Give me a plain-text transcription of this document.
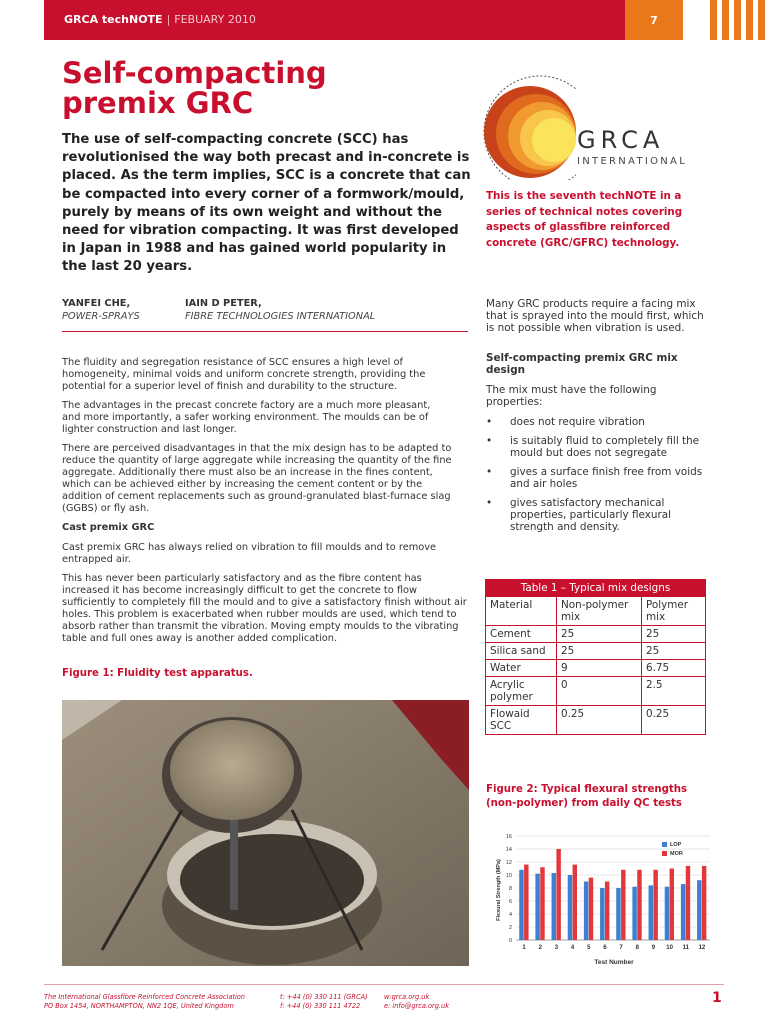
GRCA techNOTE | FEBUARY 2010	7
Self-compacting
premix GRC

The use of self-compacting concrete (SCC) has revolutionised the way both precast and in-concrete is placed. As the term implies, SCC is a concrete that can be compacted into every corner of a formwork/mould, purely by means of its own weight and without the need for vibration compacting. It was first developed in Japan in 1988 and has gained world popularity in the last 20 years.

GRCA
INTERNATIONAL

This is the seventh techNOTE in a series of technical notes covering aspects of glassfibre reinforced concrete (GRC/GFRC) technology.

YANFEI CHE,
POWER-SPRAYS
IAIN D PETER,
FIBRE TECHNOLOGIES INTERNATIONAL

The fluidity and segregation resistance of SCC ensures a high level of homogeneity, minimal voids and uniform concrete strength, providing the potential for a superior level of finish and durability to the structure.

The advantages in the precast concrete factory are a much more pleasant, and more importantly, a safer working environment. The moulds can be of lighter construction and last longer.

There are perceived disadvantages in that the mix design has to be adapted to reduce the quantity of large aggregate while increasing the quantity of the fine aggregate. Additionally there must also be an increase in the fines content, which can be achieved either by increasing the cement content or by the addition of cement replacements such as ground-granulated blast-furnace slag (GGBS) or fly ash.

Cast premix GRC

Cast premix GRC has always relied on vibration to fill moulds and to remove entrapped air.

This has never been particularly satisfactory and as the fibre content has increased it has become increasingly difficult to get the concrete to flow sufficiently to completely fill the mould and to give a satisfactory finish without air holes. This problem is exacerbated when rubber moulds are used, which tend to absorb rather than transmit the vibration. Moving empty moulds to the vibrating table and full ones away is another added complication.

Figure 1: Fluidity test apparatus.

Many GRC products require a facing mix that is sprayed into the mould first, which is not possible when vibration is used.

Self-compacting premix GRC mix design

The mix must have the following properties:

• does not require vibration
• is suitably fluid to completely fill the mould but does not segregate
• gives a surface finish free from voids and air holes
• gives satisfactory mechanical properties, particularly flexural strength and density.
Table 1 – Typical mix designs		
Material	Non-polymer mix	Polymer mix
Cement	25	25
Silica sand	25	25
Water	9	6.75
Acrylic polymer	0	2.5
Flowaid SCC	0.25	0.25

Figure 2: Typical flexural strengths (non-polymer) from daily QC tests

0
2
4
6
8
10
12
14
16
1 2 3 4 5 6 7 8 9 10 11 12
LOP
MOR
Flexural Strength (MPa)
Test Number
The International Glassfibre Reinforced Concrete Association
PO Box 1454, NORTHAMPTON, NN2 1QE, United Kingdom
t: +44 (0) 330 111 (GRCA)
f: +44 (0) 330 111 4722
w:grca.org.uk
e: info@grca.org.uk	1
